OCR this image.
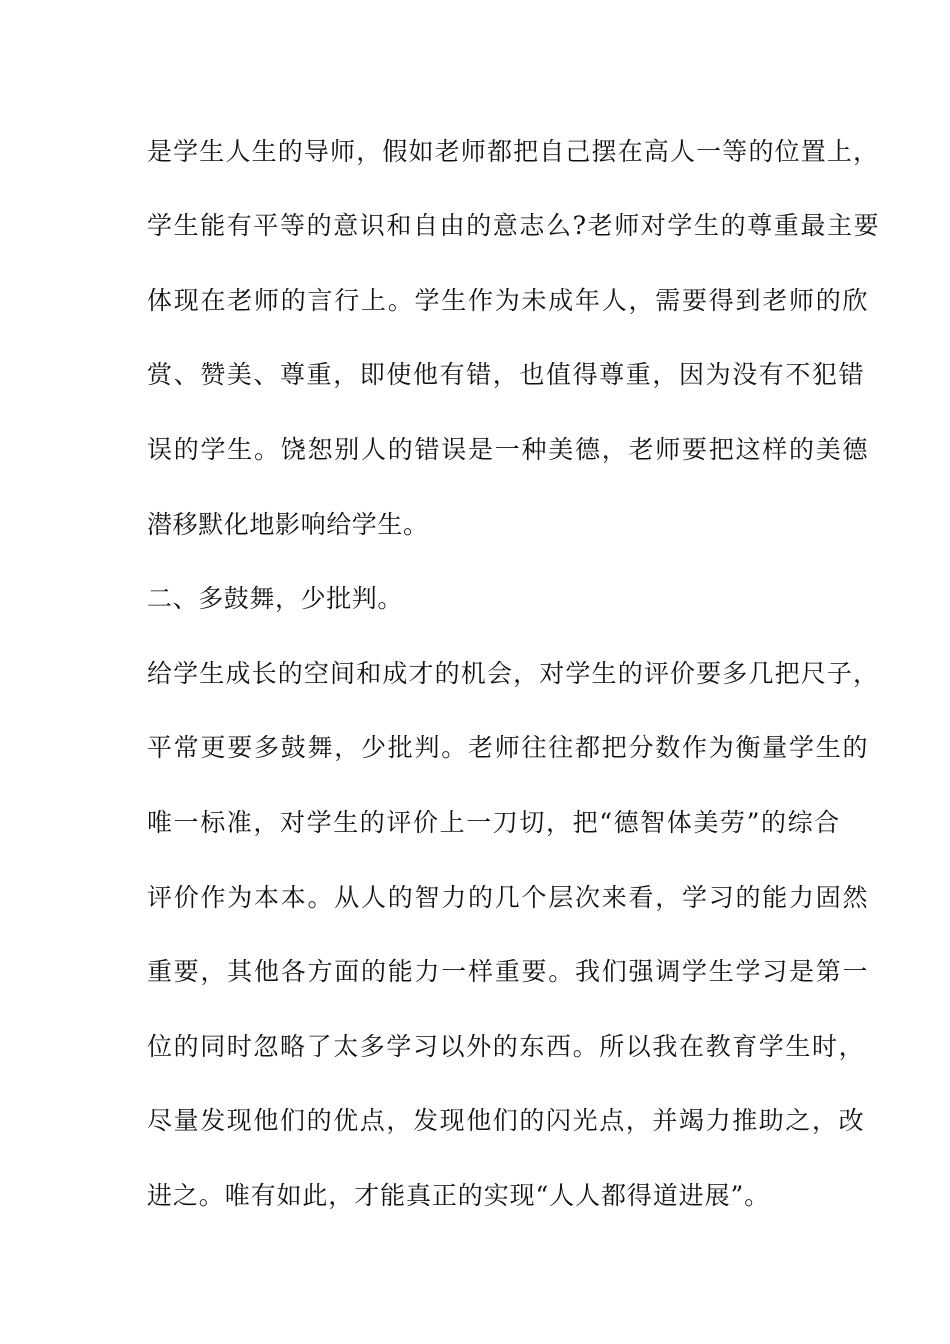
是学生人生的导师，假如老师都把自己摆在高人一等的位置上，
学生能有平等的意识和自由的意志么?老师对学生的尊重最主要
体现在老师的言行上。学生作为未成年人，需要得到老师的欣
赏、赞美、尊重，即使他有错，也值得尊重，因为没有不犯错
误的学生。饶恕别人的错误是一种美德，老师要把这样的美德
潜移默化地影响给学生。
二、多鼓舞，少批判。
给学生成长的空间和成才的机会，对学生的评价要多几把尺子，
平常更要多鼓舞，少批判。老师往往都把分数作为衡量学生的
唯一标准，对学生的评价上一刀切，把“德智体美劳”的综合
评价作为本本。从人的智力的几个层次来看，学习的能力固然
重要，其他各方面的能力一样重要。我们强调学生学习是第一
位的同时忽略了太多学习以外的东西。所以我在教育学生时，
尽量发现他们的优点，发现他们的闪光点，并竭力推助之，改
进之。唯有如此，才能真正的实现“人人都得道进展”。
